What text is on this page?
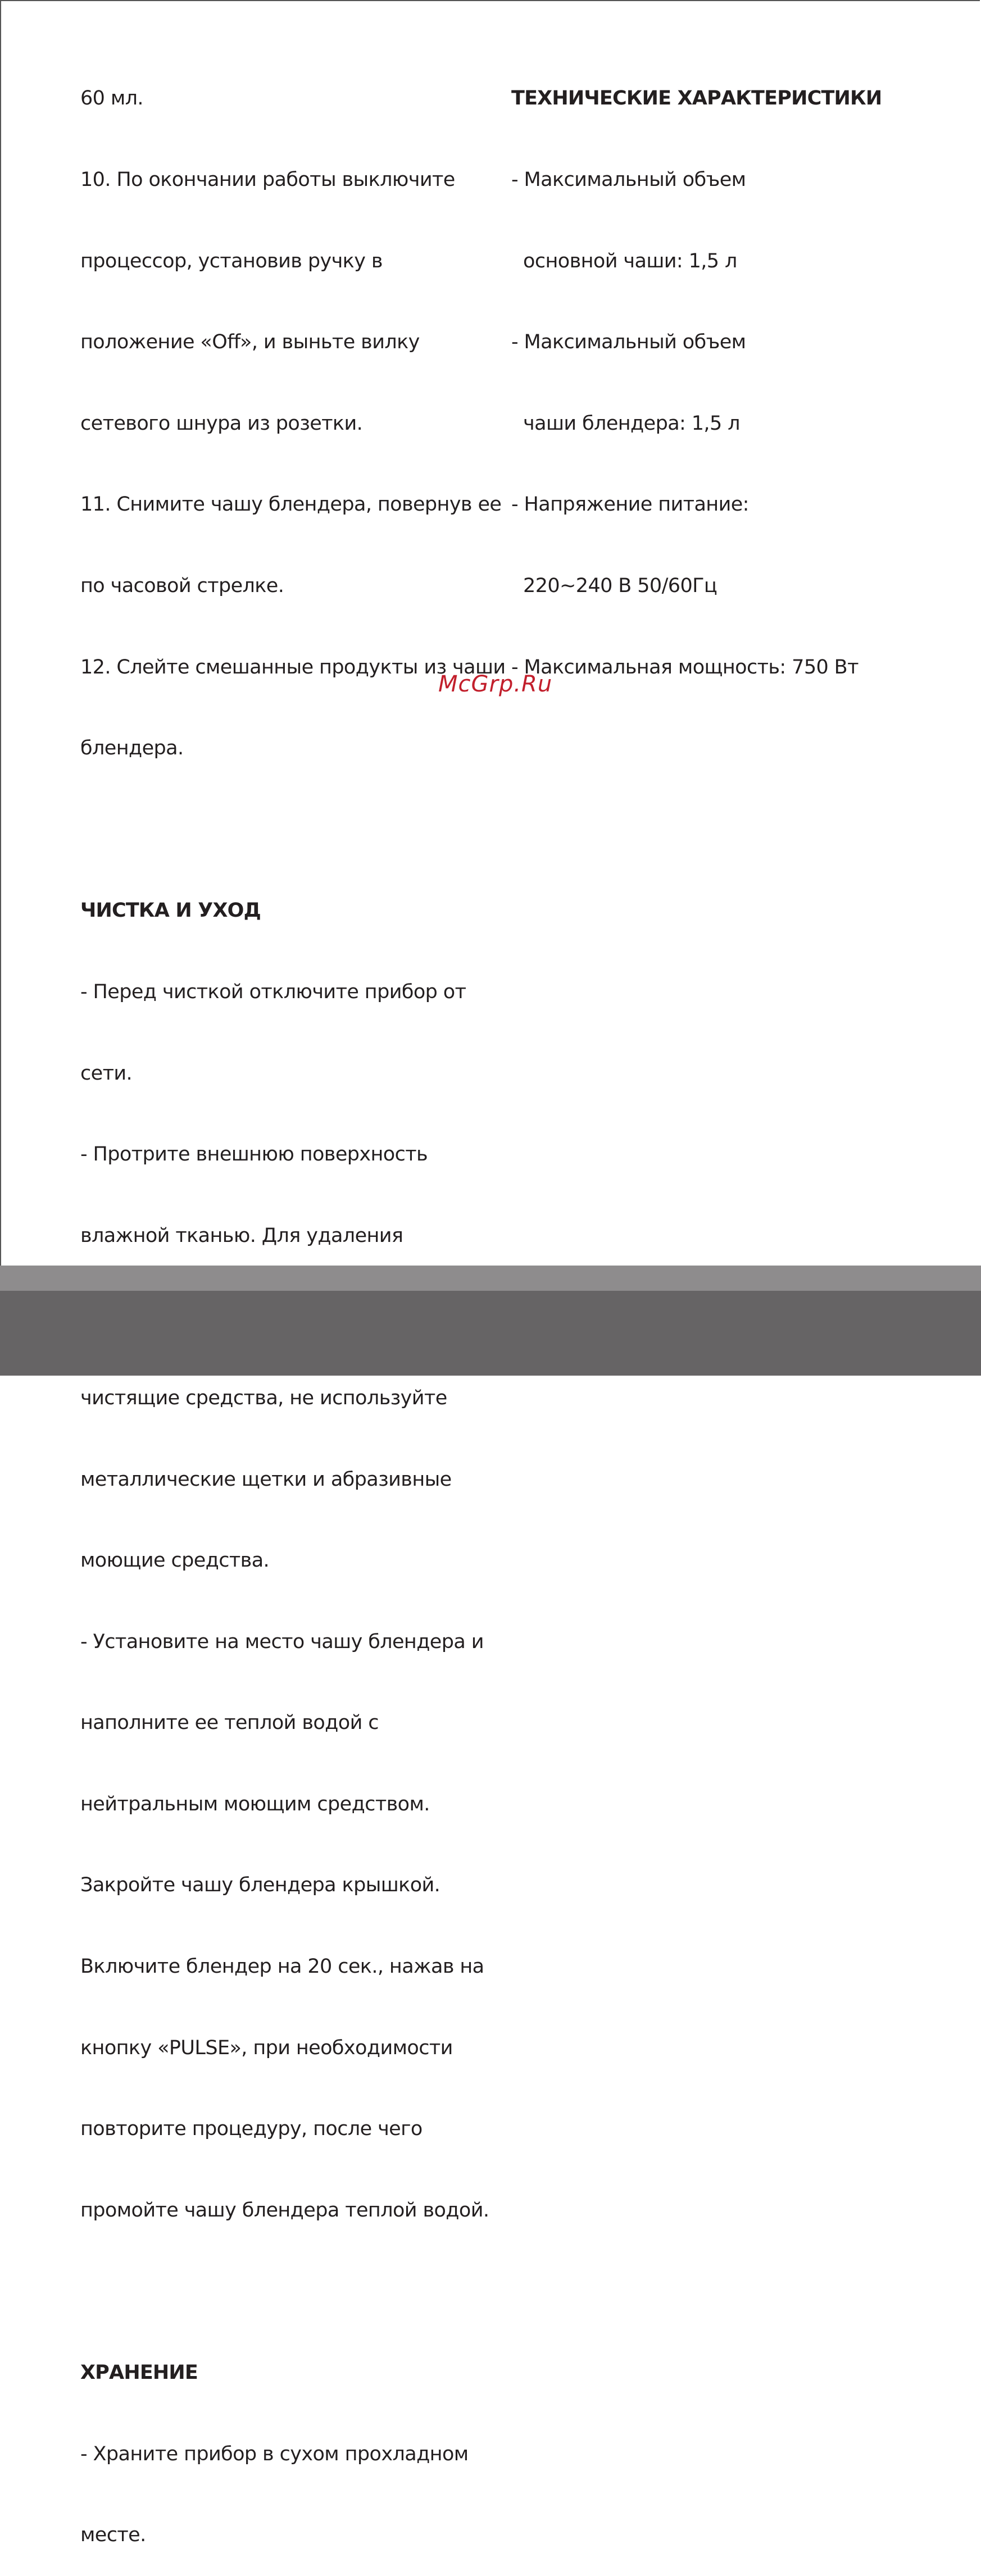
60 мл.

10. По окончании работы выключите

процессор, установив ручку в

положение «Off», и выньте вилку

сетевого шнура из розетки.

11. Снимите чашу блендера, повернув ее

по часовой стрелке.

12. Слейте смешанные продукты из чаши

блендера.

ЧИСТКА И УХОД

- Перед чисткой отключите прибор от

сети.

- Протрите внешнюю поверхность

влажной тканью. Для удаления

чистящие средства, не используйте

металлические щетки и абразивные

моющие средства.

- Установите на место чашу блендера и

наполните ее теплой водой с

нейтральным моющим средством.

Закройте чашу блендера крышкой.

Включите блендер на 20 сек., нажав на

кнопку «PULSE», при необходимости

повторите процедуру, после чего

промойте чашу блендера теплой водой.

ХРАНЕНИЕ

- Храните прибор в сухом прохладном

месте.

ТЕХНИЧЕСКИЕ ХАРАКТЕРИСТИКИ

- Максимальный объем

основной чаши: 1,5 л

- Максимальный объем

чаши блендера: 1,5 л

- Напряжение питание:

220~240 В 50/60Гц

- Максимальная мощность: 750 Вт

McGrp.Ru
